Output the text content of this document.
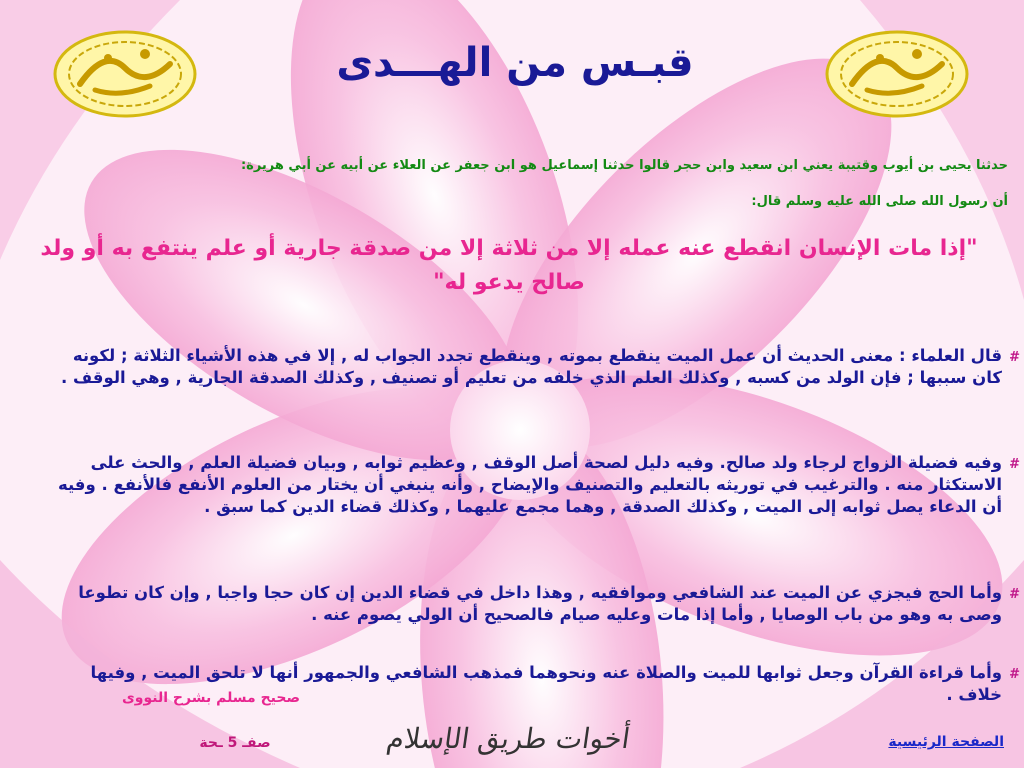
قبـس من الهـــدى
حدثنا يحيى بن أيوب وقتيبة يعني ابن سعيد وابن حجر قالوا حدثنا إسماعيل هو ابن جعفر عن العلاء عن أبيه عن أبي هريرة:
أن رسول الله صلى الله عليه وسلم قال:
"إذا مات الإنسان انقطع عنه عمله إلا من ثلاثة إلا من صدقة جارية أو علم ينتفع به أو ولد صالح يدعو له"
#
قال العلماء : معنى الحديث أن عمل الميت ينقطع بموته , وينقطع تجدد الجواب له , إلا في هذه الأشياء الثلاثة ; لكونه كان سببها ; فإن الولد من كسبه , وكذلك العلم الذي خلفه من تعليم أو تصنيف , وكذلك الصدقة الجارية , وهي الوقف .
#
وفيه فضيلة الزواج لرجاء ولد صالح. وفيه دليل لصحة أصل الوقف , وعظيم ثوابه , وبيان فضيلة العلم , والحث على الاستكثار منه . والترغيب في توريثه بالتعليم والتصنيف والإيضاح , وأنه ينبغي أن يختار من العلوم الأنفع فالأنفع . وفيه أن الدعاء يصل ثوابه إلى الميت , وكذلك الصدقة , وهما مجمع عليهما , وكذلك قضاء الدين كما سبق .
#
وأما الحج فيجزي عن الميت عند الشافعي وموافقيه , وهذا داخل في قضاء الدين إن كان حجا واجبا , وإن كان تطوعا وصى به وهو من باب الوصايا , وأما إذا مات وعليه صيام فالصحيح أن الولي يصوم عنه .
#
وأما قراءة القرآن وجعل ثوابها للميت والصلاة عنه ونحوهما فمذهب الشافعي والجمهور أنها لا تلحق الميت , وفيها خلاف .
صحيح مسلم بشرح النووى
صفـ 5 ـحة	أخوات طريق الإسلام	الصفحة الرئيسية
